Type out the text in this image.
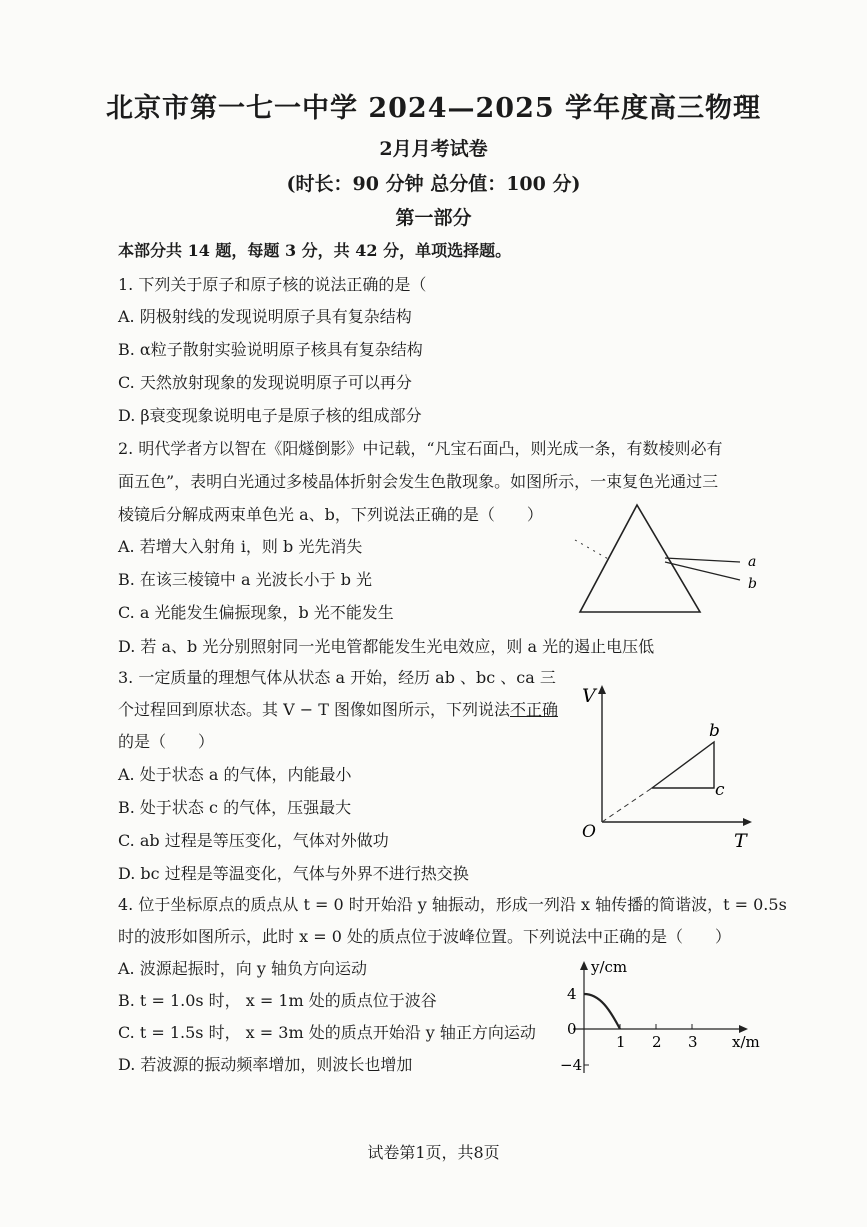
北京市第一七一中学 2024—2025 学年度高三物理
2月月考试卷
(时长：90 分钟 总分值：100 分)
第一部分
本部分共 14 题，每题 3 分，共 42 分，单项选择题。
1. 下列关于原子和原子核的说法正确的是（
A. 阴极射线的发现说明原子具有复杂结构
B. α粒子散射实验说明原子核具有复杂结构
C. 天然放射现象的发现说明原子可以再分
D. β衰变现象说明电子是原子核的组成部分
2. 明代学者方以智在《阳燧倒影》中记载，“凡宝石面凸，则光成一条，有数棱则必有
面五色”，表明白光通过多棱晶体折射会发生色散现象。如图所示，一束复色光通过三
棱镜后分解成两束单色光 a、b，下列说法正确的是（　　）
A. 若增大入射角 i，则 b 光先消失
B. 在该三棱镜中 a 光波长小于 b 光
C. a 光能发生偏振现象，b 光不能发生
D. 若 a、b 光分别照射同一光电管都能发生光电效应，则 a 光的遏止电压低
a
b
3. 一定质量的理想气体从状态 a 开始，经历 ab 、bc 、ca 三
个过程回到原状态。其 V − T 图像如图所示，下列说法不正确
的是（　　）
A. 处于状态 a 的气体，内能最小
B. 处于状态 c 的气体，压强最大
C. ab 过程是等压变化，气体对外做功
D. bc 过程是等温变化，气体与外界不进行热交换
V
T
O
b
c
4. 位于坐标原点的质点从 t = 0 时开始沿 y 轴振动，形成一列沿 x 轴传播的简谐波，t = 0.5s
时的波形如图所示，此时 x = 0 处的质点位于波峰位置。下列说法中正确的是（　　）
A. 波源起振时，向 y 轴负方向运动
B. t = 1.0s 时， x = 1m 处的质点位于波谷
C. t = 1.5s 时， x = 3m 处的质点开始沿 y 轴正方向运动
D. 若波源的振动频率增加，则波长也增加
y/cm
x/m
4
0
−4
1 2 3
试卷第1页，共8页
